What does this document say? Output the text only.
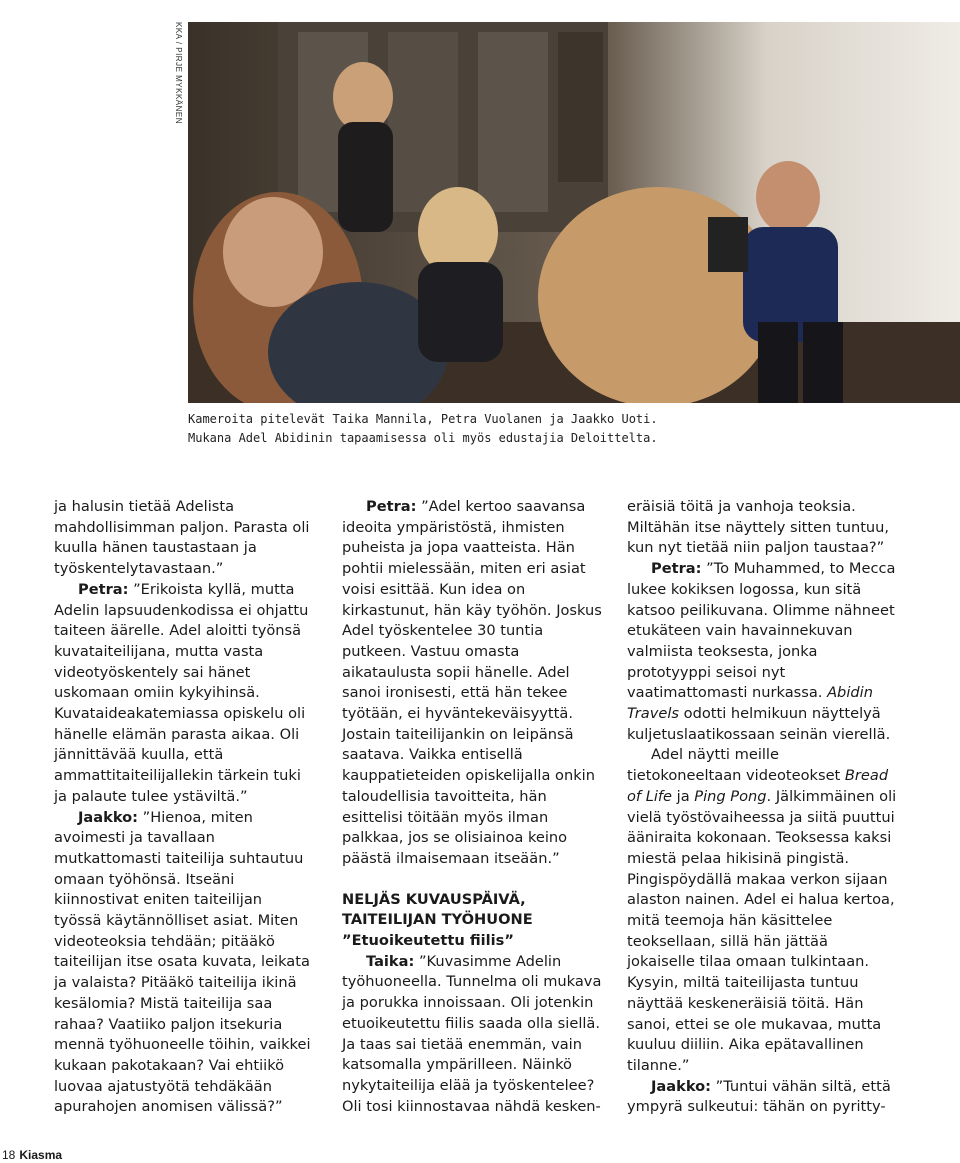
KKA / PIRJE MYKKÄNEN

Kameroita pitelevät Taika Mannila, Petra Vuolanen ja Jaakko Uoti.

Mukana Adel Abidinin tapaamisessa oli myös edustajia Deloittelta.

ja halusin tietää Adelista mahdollisimman paljon. Parasta oli kuulla hänen taustastaan ja työskentelytavastaan.”

Petra: ”Erikoista kyllä, mutta Adelin lapsuudenkodissa ei ohjattu taiteen äärelle. Adel aloitti työnsä kuvataiteilijana, mutta vasta videotyöskentely sai hänet uskomaan omiin kykyihinsä. Kuvataideakatemiassa opiskelu oli hänelle elämän parasta aikaa. Oli jännittävää kuulla, että ammattitaiteilijallekin tärkein tuki ja palaute tulee ystäviltä.”

Jaakko: ”Hienoa, miten avoimesti ja tavallaan mutkattomasti taiteilija suhtautuu omaan työhönsä. Itseäni kiinnostivat eniten taiteilijan työssä käytännölliset asiat. Miten videoteoksia tehdään; pitääkö taiteilijan itse osata kuvata, leikata ja valaista? Pitääkö taiteilija ikinä kesälomia? Mistä taiteilija saa rahaa? Vaatiiko paljon itsekuria mennä työhuoneelle töihin, vaikkei kukaan pakotakaan? Vai ehtiikö luovaa ajatustyötä tehdäkään apurahojen anomisen välissä?”

Petra: ”Adel kertoo saavansa ideoita ympäristöstä, ihmisten puheista ja jopa vaatteista. Hän pohtii mielessään, miten eri asiat voisi esittää. Kun idea on kirkastunut, hän käy työhön. Joskus Adel työskentelee 30 tuntia putkeen. Vastuu omasta aikataulusta sopii hänelle. Adel sanoi ironisesti, että hän tekee työtään, ei hyväntekeväisyyttä. Jostain taiteilijankin on leipänsä saatava. Vaikka entisellä kauppatieteiden opiskelijalla onkin taloudellisia tavoitteita, hän esittelisi töitään myös ilman palkkaa, jos se olisiainoa keino päästä ilmaisemaan itseään.”

NELJÄS KUVAUSPÄIVÄ,
TAITEILIJAN TYÖHUONE
”Etuoikeutettu fiilis”

Taika: ”Kuvasimme Adelin työhuoneella. Tunnelma oli mukava ja porukka innoissaan. Oli jotenkin etuoikeutettu fiilis saada olla siellä. Ja taas sai tietää enemmän, vain katsomalla ympärilleen. Näinkö nykytaiteilija elää ja työskentelee? Oli tosi kiinnostavaa nähdä kesken-

eräisiä töitä ja vanhoja teoksia. Miltähän itse näyttely sitten tuntuu, kun nyt tietää niin paljon taustaa?”

Petra: ”To Muhammed, to Mecca lukee kokiksen logossa, kun sitä katsoo peilikuvana. Olimme nähneet etukäteen vain havainnekuvan valmiista teoksesta, jonka prototyyppi seisoi nyt vaatimattomasti nurkassa. Abidin Travels odotti helmikuun näyttelyä kuljetuslaatikossaan seinän vierellä.

Adel näytti meille tietokoneeltaan videoteokset Bread of Life ja Ping Pong. Jälkimmäinen oli vielä työstövaiheessa ja siitä puuttui ääniraita kokonaan. Teoksessa kaksi miestä pelaa hikisinä pingistä. Pingispöydällä makaa verkon sijaan alaston nainen. Adel ei halua kertoa, mitä teemoja hän käsittelee teoksellaan, sillä hän jättää jokaiselle tilaa omaan tulkintaan. Kysyin, miltä taiteilijasta tuntuu näyttää keskeneräisiä töitä. Hän sanoi, ettei se ole mukavaa, mutta kuuluu diiliin. Aika epätavallinen tilanne.”

Jaakko: ”Tuntui vähän siltä, että ympyrä sulkeutui: tähän on pyritty-

18 Kiasma
